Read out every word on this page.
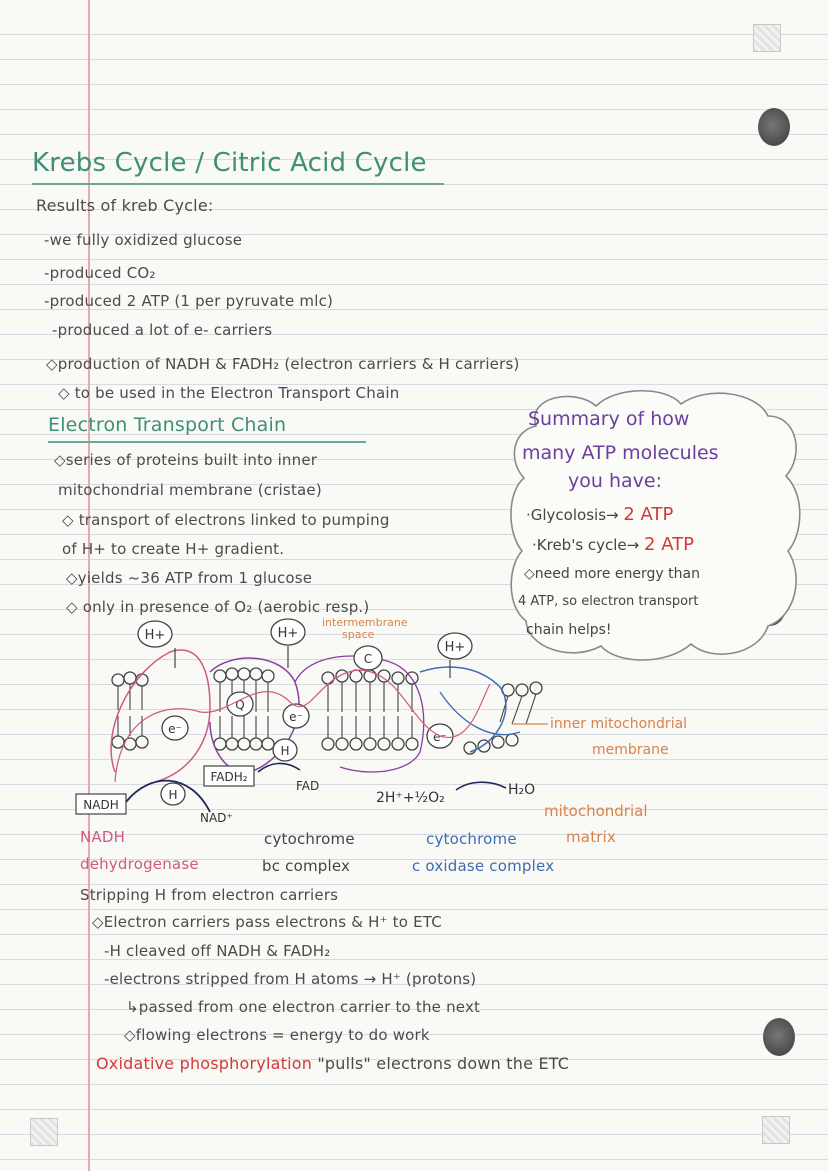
Krebs Cycle / Citric Acid Cycle
Results of kreb Cycle:
-we fully oxidized glucose
-produced CO₂
-produced 2 ATP (1 per pyruvate mlc)
-produced a lot of e- carriers
◇production of NADH & FADH₂ (electron carriers & H carriers)
◇ to be used in the Electron Transport Chain
Electron Transport Chain
◇series of proteins built into inner
mitochondrial membrane (cristae)
◇ transport of electrons linked to pumping
of H+ to create H+ gradient.
◇yields ~36 ATP from 1 glucose
◇ only in presence of O₂ (aerobic resp.)
Summary of how
many ATP molecules
you have:
·Glycolosis→ 2 ATP
·Kreb's cycle→ 2 ATP
◇need more energy than
4 ATP, so electron transport
chain helps!
H+	H+
H+
e⁻
Q
e⁻
C
e⁻
H
intermembrane
space
inner mitochondrial
membrane
FADH₂
FAD
NADH
H
NAD⁺
2H⁺+½O₂	H₂O
mitochondrial
NADH
dehydrogenase
cytochrome
bc complex
cytochrome
c oxidase complex
matrix
Stripping H from electron carriers
◇Electron carriers pass electrons & H⁺ to ETC
-H cleaved off NADH & FADH₂
-electrons stripped from H atoms → H⁺ (protons)
↳passed from one electron carrier to the next
◇flowing electrons = energy to do work
Oxidative phosphorylation "pulls" electrons down the ETC
